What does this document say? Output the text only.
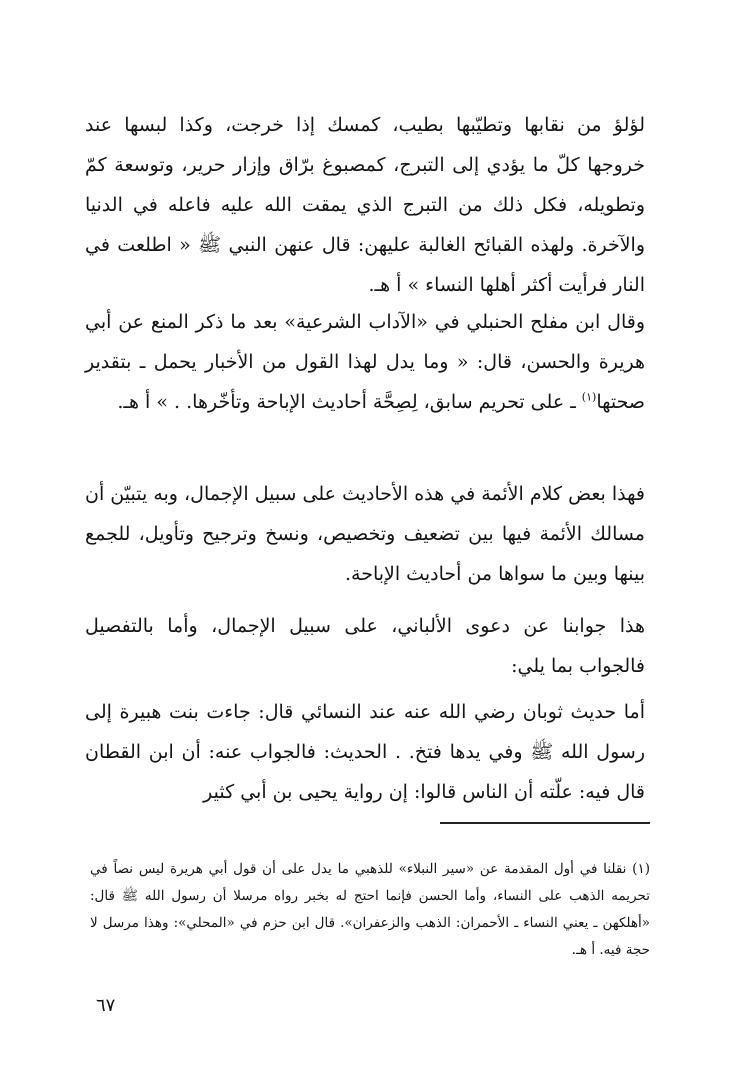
لؤلؤ من نقابها وتطيّبها بطيب، كمسك إذا خرجت، وكذا لبسها عند خروجها كلّ ما يؤدي إلى التبرج، كمصبوغ برّاق وإزار حرير، وتوسعة كمّ وتطويله، فكل ذلك من التبرج الذي يمقت الله عليه فاعله في الدنيا والآخرة. ولهذه القبائح الغالبة عليهن: قال عنهن النبي ﷺ « اطلعت في النار فرأيت أكثر أهلها النساء » أ هـ.

وقال ابن مفلح الحنبلي في «الآداب الشرعية» بعد ما ذكر المنع عن أبي هريرة والحسن، قال: « وما يدل لهذا القول من الأخبار يحمل ـ بتقدير صحتها$^{(١)}$ ـ على تحريم سابق، لِصِحَّة أحاديث الإباحة وتأخّرها. . » أ هـ.

فهذا بعض كلام الأئمة في هذه الأحاديث على سبيل الإجمال، وبه يتبيّن أن مسالك الأئمة فيها بين تضعيف وتخصيص، ونسخ وترجيح وتأويل، للجمع بينها وبين ما سواها من أحاديث الإباحة.

هذا جوابنا عن دعوى الألباني، على سبيل الإجمال، وأما بالتفصيل فالجواب بما يلي:

أما حديث ثوبان رضي الله عنه عند النسائي قال: جاءت بنت هبيرة إلى رسول الله ﷺ وفي يدها فتخ. . الحديث: فالجواب عنه: أن ابن القطان قال فيه: علّته أن الناس قالوا: إن رواية يحيى بن أبي كثير

(١) نقلنا في أول المقدمة عن «سير النبلاء» للذهبي ما يدل على أن قول أبي هريرة ليس نصاً في تحريمه الذهب على النساء، وأما الحسن فإنما احتج له بخبر رواه مرسلا أن رسول الله ﷺ قال: «أهلكهن ـ يعني النساء ـ الأحمران: الذهب والزعفران». قال ابن حزم في «المحلي»: وهذا مرسل لا حجة فيه. أ هـ.

٦٧
